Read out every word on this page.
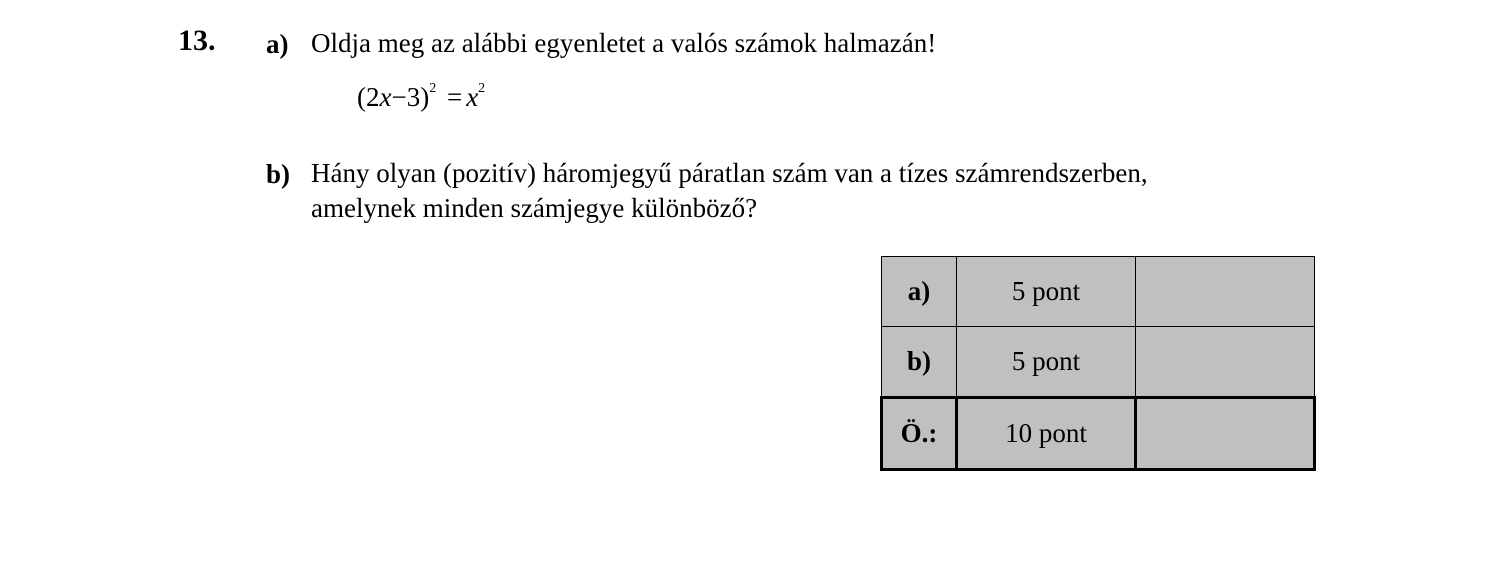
13. a) Oldja meg az alábbi egyenletet a valós számok halmazán!
$(2x-3)^2 = x^2$
b) Hány olyan (pozitív) háromjegyű páratlan szám van a tízes számrendszerben,
amelynek minden számjegye különböző?
a)	5 pont	
b)	5 pont	
Ö.:	10 pont	
